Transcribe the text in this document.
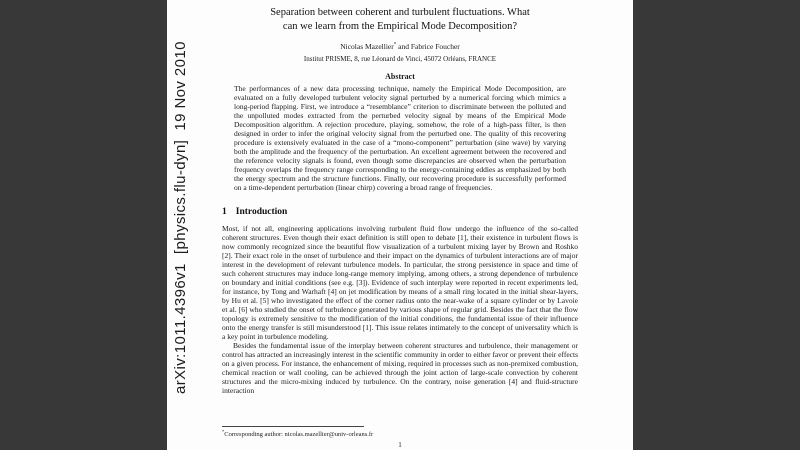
arXiv:1011.4396v1  [physics.flu-dyn]  19 Nov 2010
Separation between coherent and turbulent fluctuations. What
can we learn from the Empirical Mode Decomposition?
Nicolas Mazellier* and Fabrice Foucher
Institut PRISME, 8, rue Léonard de Vinci, 45072 Orléans, FRANCE
Abstract

The performances of a new data processing technique, namely the Empirical Mode Decomposition, are evaluated on a fully developed turbulent velocity signal perturbed by a numerical forcing which mimics a long-period flapping. First, we introduce a “resemblance” criterion to discriminate between the polluted and the unpolluted modes extracted from the perturbed velocity signal by means of the Empirical Mode Decomposition algorithm. A rejection procedure, playing, somehow, the role of a high-pass filter, is then designed in order to infer the original velocity signal from the perturbed one. The quality of this recovering procedure is extensively evaluated in the case of a “mono-component” perturbation (sine wave) by varying both the amplitude and the frequency of the perturbation. An excellent agreement between the recovered and the reference velocity signals is found, even though some discrepancies are observed when the perturbation frequency overlaps the frequency range corresponding to the energy-containing eddies as emphasized by both the energy spectrum and the structure functions. Finally, our recovering procedure is successfully performed on a time-dependent perturbation (linear chirp) covering a broad range of frequencies.

1 Introduction

Most, if not all, engineering applications involving turbulent fluid flow undergo the influence of the so-called coherent structures. Even though their exact definition is still open to debate [1], their existence in turbulent flows is now commonly recognized since the beautiful flow visualization of a turbulent mixing layer by Brown and Roshko [2]. Their exact role in the onset of turbulence and their impact on the dynamics of turbulent interactions are of major interest in the development of relevant turbulence models. In particular, the strong persistence in space and time of such coherent structures may induce long-range memory implying, among others, a strong dependence of turbulence on boundary and initial conditions (see e.g. [3]). Evidence of such interplay were reported in recent experiments led, for instance, by Tong and Warhaft [4] on jet modification by means of a small ring located in the initial shear-layers, by Hu et al. [5] who investigated the effect of the corner radius onto the near-wake of a square cylinder or by Lavoie et al. [6] who studied the onset of turbulence generated by various shape of regular grid. Besides the fact that the flow topology is extremely sensitive to the modification of the initial conditions, the fundamental issue of their influence onto the energy transfer is still misunderstood [1]. This issue relates intimately to the concept of universality which is a key point in turbulence modeling.

Besides the fundamental issue of the interplay between coherent structures and turbulence, their management or control has attracted an increasingly interest in the scientific community in order to either favor or prevent their effects on a given process. For instance, the enhancement of mixing, required in processes such as non-premixed combustion, chemical reaction or wall cooling, can be achieved through the joint action of large-scale convection by coherent structures and the micro-mixing induced by turbulence. On the contrary, noise generation [4] and fluid-structure interaction

*Corresponding author: nicolas.mazellier@univ-orleans.fr
1
